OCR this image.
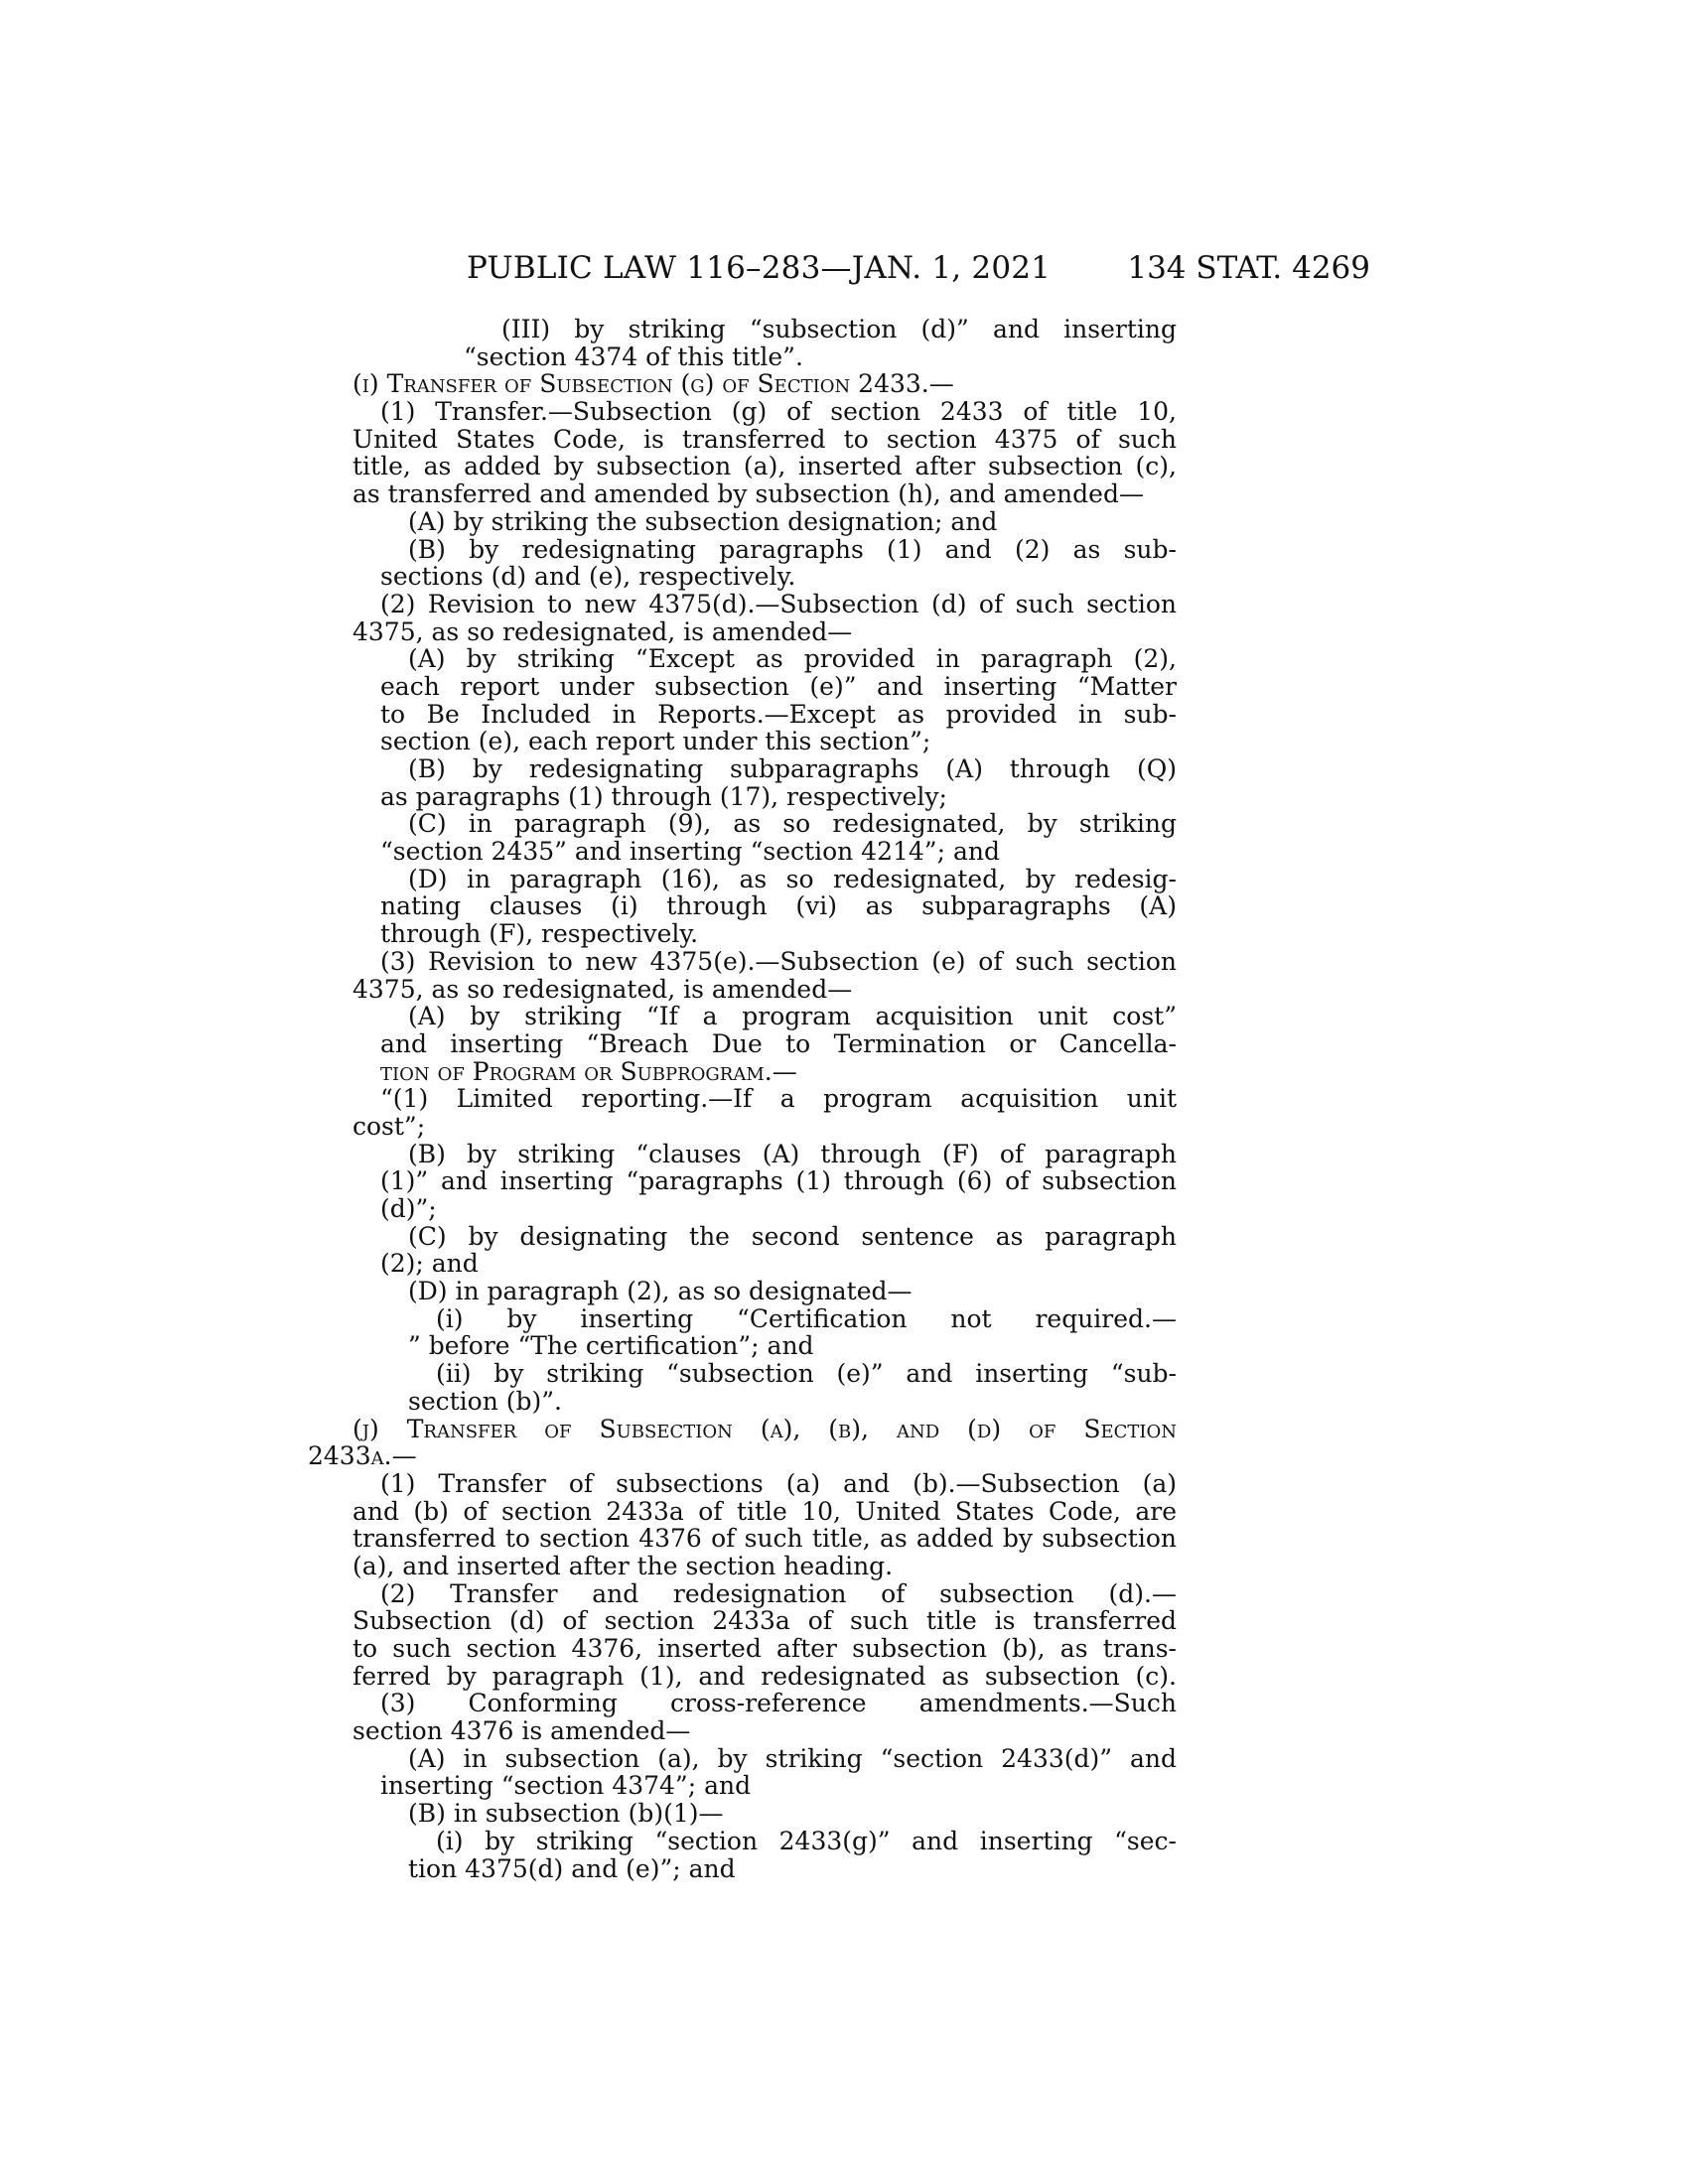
PUBLIC LAW 116–283—JAN. 1, 2021 134 STAT. 4269
(III) by striking “subsection (d)” and inserting
“section 4374 of this title”.
(i) Transfer of Subsection (g) of Section 2433.—
(1) Transfer.—Subsection (g) of section 2433 of title 10,
United States Code, is transferred to section 4375 of such
title, as added by subsection (a), inserted after subsection (c),
as transferred and amended by subsection (h), and amended—
(A) by striking the subsection designation; and
(B) by redesignating paragraphs (1) and (2) as sub-
sections (d) and (e), respectively.
(2) Revision to new 4375(d).—Subsection (d) of such section
4375, as so redesignated, is amended—
(A) by striking “Except as provided in paragraph (2),
each report under subsection (e)” and inserting “Matter
to Be Included in Reports.—Except as provided in sub-
section (e), each report under this section”;
(B) by redesignating subparagraphs (A) through (Q)
as paragraphs (1) through (17), respectively;
(C) in paragraph (9), as so redesignated, by striking
“section 2435” and inserting “section 4214”; and
(D) in paragraph (16), as so redesignated, by redesig-
nating clauses (i) through (vi) as subparagraphs (A)
through (F), respectively.
(3) Revision to new 4375(e).—Subsection (e) of such section
4375, as so redesignated, is amended—
(A) by striking “If a program acquisition unit cost”
and inserting “Breach Due to Termination or Cancella-
tion of Program or Subprogram.—
“(1) Limited reporting.—If a program acquisition unit
cost”;
(B) by striking “clauses (A) through (F) of paragraph
(1)” and inserting “paragraphs (1) through (6) of subsection
(d)”;
(C) by designating the second sentence as paragraph
(2); and
(D) in paragraph (2), as so designated—
(i) by inserting “Certification not required.—
” before “The certification”; and
(ii) by striking “subsection (e)” and inserting “sub-
section (b)”.
(j) Transfer of Subsection (a), (b), and (d) of Section
2433a.—
(1) Transfer of subsections (a) and (b).—Subsection (a)
and (b) of section 2433a of title 10, United States Code, are
transferred to section 4376 of such title, as added by subsection
(a), and inserted after the section heading.
(2) Transfer and redesignation of subsection (d).—
Subsection (d) of section 2433a of such title is transferred
to such section 4376, inserted after subsection (b), as trans-
ferred by paragraph (1), and redesignated as subsection (c).
(3) Conforming cross-reference amendments.—Such
section 4376 is amended—
(A) in subsection (a), by striking “section 2433(d)” and
inserting “section 4374”; and
(B) in subsection (b)(1)—
(i) by striking “section 2433(g)” and inserting “sec-
tion 4375(d) and (e)”; and
